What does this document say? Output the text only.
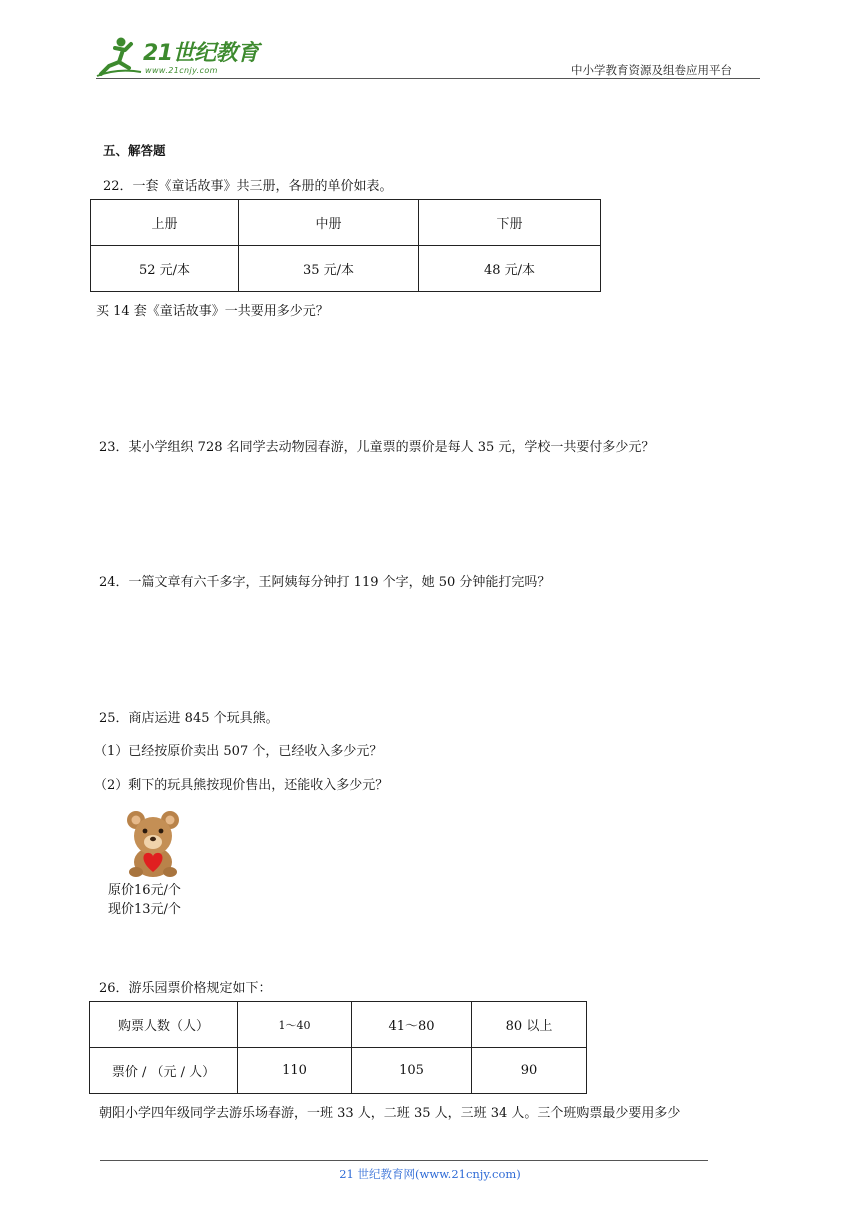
21世纪教育
www.21cnjy.com	中小学教育资源及组卷应用平台
五、解答题
22．一套《童话故事》共三册，各册的单价如表。
上册	中册	下册
52 元/本	35 元/本	48 元/本
买 14 套《童话故事》一共要用多少元？
23．某小学组织 728 名同学去动物园春游，儿童票的票价是每人 35 元，学校一共要付多少元？
24．一篇文章有六千多字，王阿姨每分钟打 119 个字，她 50 分钟能打完吗？
25．商店运进 845 个玩具熊。
（1）已经按原价卖出 507 个，已经收入多少元？
（2）剩下的玩具熊按现价售出，还能收入多少元？
原价16元/个
现价13元/个
26．游乐园票价格规定如下：
购票人数（人）	1～40	41～80	80 以上
票价 / （元 / 人）	110	105	90
朝阳小学四年级同学去游乐场春游，一班 33 人，二班 35 人，三班 34 人。三个班购票最少要用多少
21 世纪教育网(www.21cnjy.com)
